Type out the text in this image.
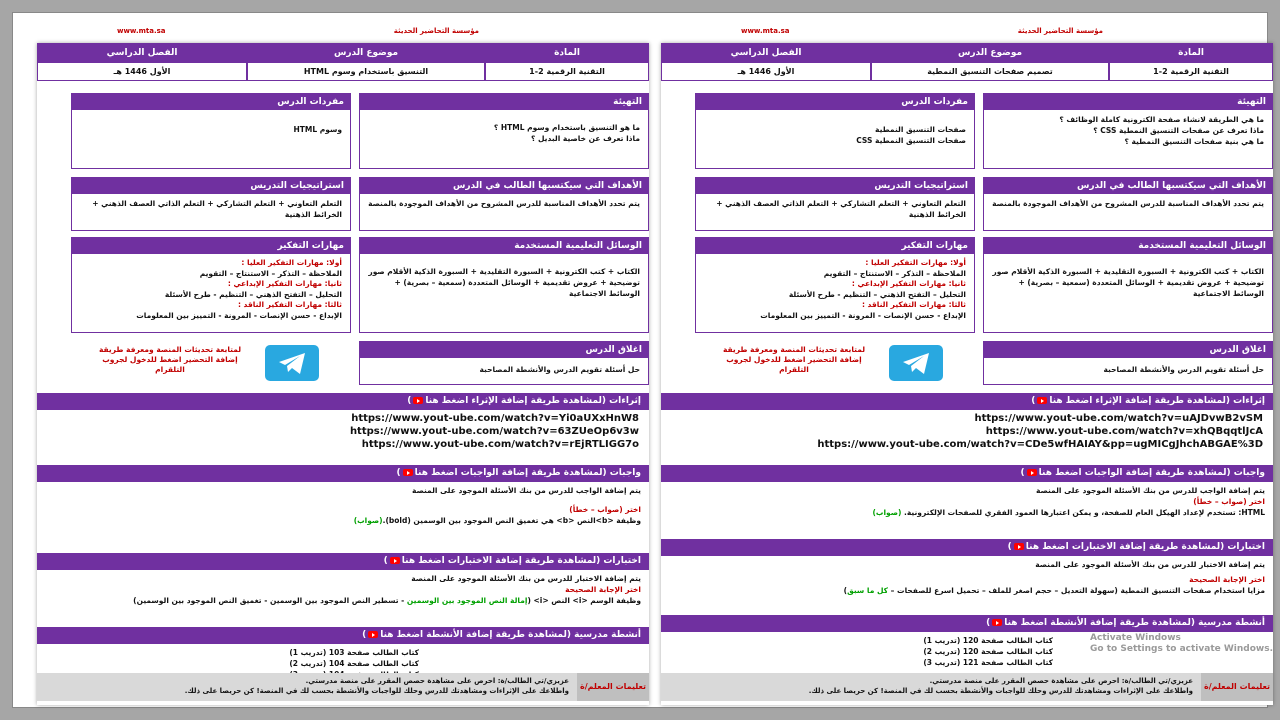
مؤسسة التحاضير الحديثة
www.mta.sa
المادة
التقنية الرقمية 2-1
موضوع الدرس
تصميم صفحات التنسيق النمطية
الفصل الدراسي
الأول 1446 هـ
التهيئة
ما هي الطريقة لانشاء صفحة الكترونية كاملة الوظائف ؟
ماذا تعرف عن صفحات التنسيق النمطية CSS ؟
ما هي بنية صفحات التنسيق النمطية ؟
مفردات الدرس
صفحات التنسيق النمطية
صفحات التنسيق النمطية CSS
الأهداف التي سيكتسبها الطالب في الدرس
يتم تحدد الأهداف المناسبة للدرس المشروح من الأهداف الموجودة بالمنصة
استراتيجيات التدريس
التعلم التعاوني + التعلم التشاركي + التعلم الذاتي العصف الذهني + الخرائط الذهنية
الوسائل التعليمية المستخدمة
الكتاب + كتب الكترونية + السبورة التقليدية + السبورة الذكية الأقلام صور توضيحية + عروض تقديمية + الوسائل المتعددة (سمعية – بصرية) + الوسائط الاجتماعية
مهارات التفكير
أولا: مهارات التفكير العليا :
الملاحظة – التذكر – الاستنتاج – التقويم
ثانيا: مهارات التفكير الإبداعي :
التحليل – التفتح الذهني – التنظيم - طرح الأسئلة
ثالثا: مهارات التفكير الناقد :
الإبداع - حسن الإنصات - المرونة - التمييز بين المعلومات
اغلاق الدرس
حل أسئلة تقويم الدرس والأنشطة المصاحبة
لمتابعة تحديثات المنصة ومعرفة طريقة إضافة التحضير اضغط للدخول لجروب التلقرام
إثراءات (لمشاهدة طريقة إضافة الإثراء اضغط هنا)
https://www.yout-ube.com/watch?v=uAJDvwB2vSM
https://www.yout-ube.com/watch?v=xhQBqqtlJcA
https://www.yout-ube.com/watch?v=CDe5wfHAIAY&pp=ugMICgJhchABGAE%3D
واجبات (لمشاهدة طريقة إضافة الواجبات اضغط هنا)
يتم إضافة الواجب للدرس من بنك الأسئلة الموجود على المنصة
اختر (صواب – خطأ)
HTML: تستخدم لإعداد الهيكل العام للصفحة، و يمكن اعتبارها العمود الفقري للصفحات الإلكترونية. (صواب)
اختبارات (لمشاهدة طريقة إضافة الاختبارات اضغط هنا)
يتم إضافة الاختبار للدرس من بنك الأسئلة الموجود على المنصة
اختر الإجابة الصحيحة
مزايا استخدام صفحات التنسيق النمطية (سهولة التعديل – حجم اصغر للملف – تحميل اسرع للصفحات – كل ما سبق)
أنشطة مدرسية (لمشاهدة طريقة إضافة الأنشطة اضغط هنا)
كتاب الطالب صفحة 120 (تدريب 1)
كتاب الطالب صفحة 120 (تدريب 2)
كتاب الطالب صفحة 121 (تدريب 3)
تعليمات المعلم/ة
عزيزي/تي الطالب/ة: احرص على مشاهدة حصص المقرر على منصة مدرستي.
واطلاعك على الإثراءات ومشاهدتك للدرس وحلك للواجبات والأنشطة بحسب لك في المنصة! كن حريصا على ذلك.
Activate Windows
Go to Settings to activate Windows.
مؤسسة التحاضير الحديثة
www.mta.sa
المادة
التقنية الرقمية 2-1
موضوع الدرس
التنسيق باستخدام وسوم HTML
الفصل الدراسي
الأول 1446 هـ
التهيئة
ما هو التنسيق باستخدام وسوم HTML ؟
ماذا تعرف عن خاصية البديل ؟
مفردات الدرس
وسوم HTML
الأهداف التي سيكتسبها الطالب في الدرس
يتم تحدد الأهداف المناسبة للدرس المشروح من الأهداف الموجودة بالمنصة
استراتيجيات التدريس
التعلم التعاوني + التعلم التشاركي + التعلم الذاتي العصف الذهني + الخرائط الذهنية
الوسائل التعليمية المستخدمة
الكتاب + كتب الكترونية + السبورة التقليدية + السبورة الذكية الأقلام صور توضيحية + عروض تقديمية + الوسائل المتعددة (سمعية – بصرية) + الوسائط الاجتماعية
مهارات التفكير
أولا: مهارات التفكير العليا :
الملاحظة – التذكر – الاستنتاج – التقويم
ثانيا: مهارات التفكير الإبداعي :
التحليل – التفتح الذهني – التنظيم - طرح الأسئلة
ثالثا: مهارات التفكير الناقد :
الإبداع - حسن الإنصات - المرونة - التمييز بين المعلومات
اغلاق الدرس
حل أسئلة تقويم الدرس والأنشطة المصاحبة
لمتابعة تحديثات المنصة ومعرفة طريقة إضافة التحضير اضغط للدخول لجروب التلقرام
إثراءات (لمشاهدة طريقة إضافة الإثراء اضغط هنا)
https://www.yout-ube.com/watch?v=Yi0aUXxHnW8
https://www.yout-ube.com/watch?v=63ZUeOp6v3w
https://www.yout-ube.com/watch?v=rEjRTLIGG7o
واجبات (لمشاهدة طريقة إضافة الواجبات اضغط هنا)
يتم إضافة الواجب للدرس من بنك الأسئلة الموجود على المنصة
اختر (صواب – خطأ)
وظيفة <b>النص <b> هي تغميق النص الموجود بين الوسمين (bold).(صواب)
اختبارات (لمشاهدة طريقة إضافة الاختبارات اضغط هنا)
يتم إضافة الاختبار للدرس من بنك الأسئلة الموجود على المنصة
اختر الإجابة الصحيحة
وظيفة الوسم <i> النص <i> (إمالة النص الموجود بين الوسمين - تسطير النص الموجود بين الوسمين - تغميق النص الموجود بين الوسمين)
أنشطة مدرسية (لمشاهدة طريقة إضافة الأنشطة اضغط هنا)
كتاب الطالب صفحة 103 (تدريب 1)
كتاب الطالب صفحة 104 (تدريب 2)
تعليمات المعلم/ة
عزيزي/تي الطالب/ة: احرص على مشاهدة حصص المقرر على منصة مدرستي.
واطلاعك على الإثراءات ومشاهدتك للدرس وحلك للواجبات والأنشطة بحسب لك في المنصة! كن حريصا على ذلك.
